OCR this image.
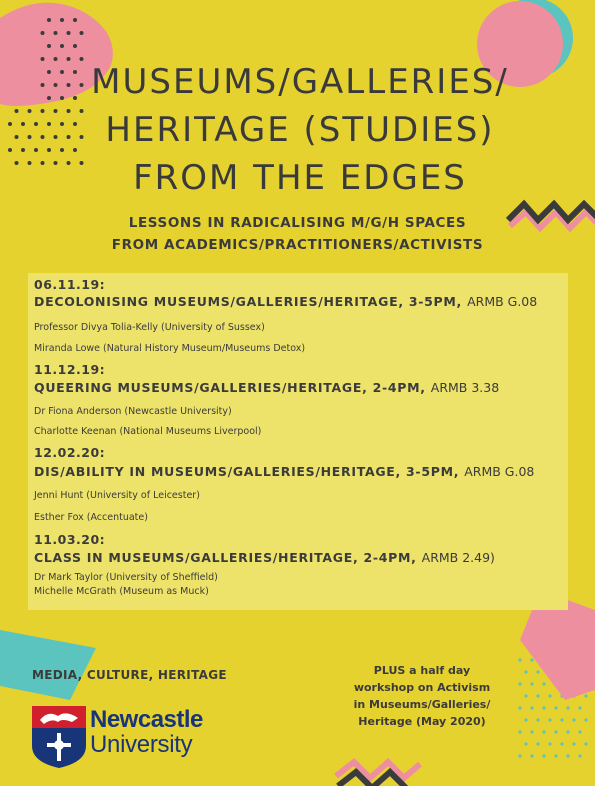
MUSEUMS/GALLERIES/
HERITAGE (STUDIES)
FROM THE EDGES
LESSONS IN RADICALISING M/G/H SPACES
FROM ACADEMICS/PRACTITIONERS/ACTIVISTS
06.11.19:
DECOLONISING MUSEUMS/GALLERIES/HERITAGE, 3-5PM, ARMB G.08
Professor Divya Tolia-Kelly (University of Sussex)
Miranda Lowe (Natural History Museum/Museums Detox)
11.12.19:
QUEERING MUSEUMS/GALLERIES/HERITAGE, 2-4PM, ARMB 3.38
Dr Fiona Anderson (Newcastle University)
Charlotte Keenan (National Museums Liverpool)
12.02.20:
DIS/ABILITY IN MUSEUMS/GALLERIES/HERITAGE, 3-5PM, ARMB G.08
Jenni Hunt (University of Leicester)
Esther Fox (Accentuate)
11.03.20:
CLASS IN MUSEUMS/GALLERIES/HERITAGE, 2-4PM, ARMB 2.49)
Dr Mark Taylor (University of Sheffield)
Michelle McGrath (Museum as Muck)
MEDIA, CULTURE, HERITAGE	PLUS a half day
workshop on Activism
in Museums/Galleries/
Heritage (May 2020)
Newcastle
University
